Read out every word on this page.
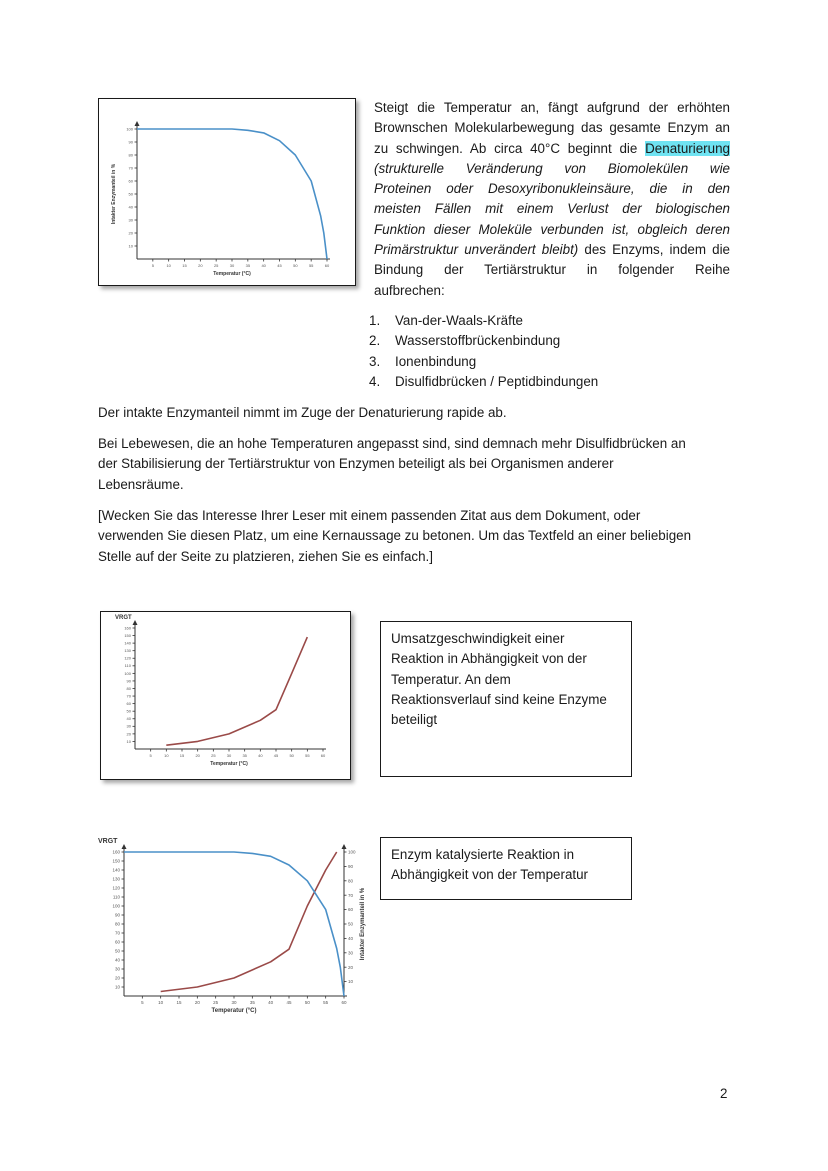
5	10	15	20	25	30	35	40	45	50	55	60
10
20
30
40
50
60
70
80
90
100
Temperatur (°C)
Intakter Enzymanteil in %
Steigt die Temperatur an, fängt aufgrund der erhöhten
Brownschen Molekularbewegung das gesamte Enzym an
zu schwingen. Ab circa 40°C beginnt die Denaturierung
(strukturelle Veränderung von Biomolekülen wie
Proteinen oder Desoxyribonukleinsäure, die in den
meisten Fällen mit einem Verlust der biologischen
Funktion dieser Moleküle verbunden ist, obgleich deren
Primärstruktur unverändert bleibt) des Enzyms, indem die
Bindung der Tertiärstruktur in folgender Reihe
aufbrechen:
1.	Van-der-Waals-Kräfte
2.	Wasserstoffbrückenbindung
3.	Ionenbindung
4.	Disulfidbrücken / Peptidbindungen
Der intakte Enzymanteil nimmt im Zuge der Denaturierung rapide ab.
Bei Lebewesen, die an hohe Temperaturen angepasst sind, sind demnach mehr Disulfidbrücken an
der Stabilisierung der Tertiärstruktur von Enzymen beteiligt als bei Organismen anderer
Lebensräume.
[Wecken Sie das Interesse Ihrer Leser mit einem passenden Zitat aus dem Dokument, oder
verwenden Sie diesen Platz, um eine Kernaussage zu betonen. Um das Textfeld an einer beliebigen
Stelle auf der Seite zu platzieren, ziehen Sie es einfach.]
5	10	15	20	25	30	35	40	45	50	55	60
10
20
30
40
50
60
70
80
90
100
110
120
130
140
150
160
Temperatur (°C)
VRGT
Umsatzgeschwindigkeit einer
Reaktion in Abhängigkeit von der
Temperatur. An dem
Reaktionsverlauf sind keine Enzyme
beteiligt
5	10	15	20	25	30	35	40	45	50	55	60
10
20
30
40
50
60
70
80
90
100
110
120
130
140
150
160
Temperatur (°C)
VRGT
10
20
30
40
50
60
70
80
90
100
Intakter Enzymanteil in %
Enzym katalysierte Reaktion in
Abhängigkeit von der Temperatur
2
